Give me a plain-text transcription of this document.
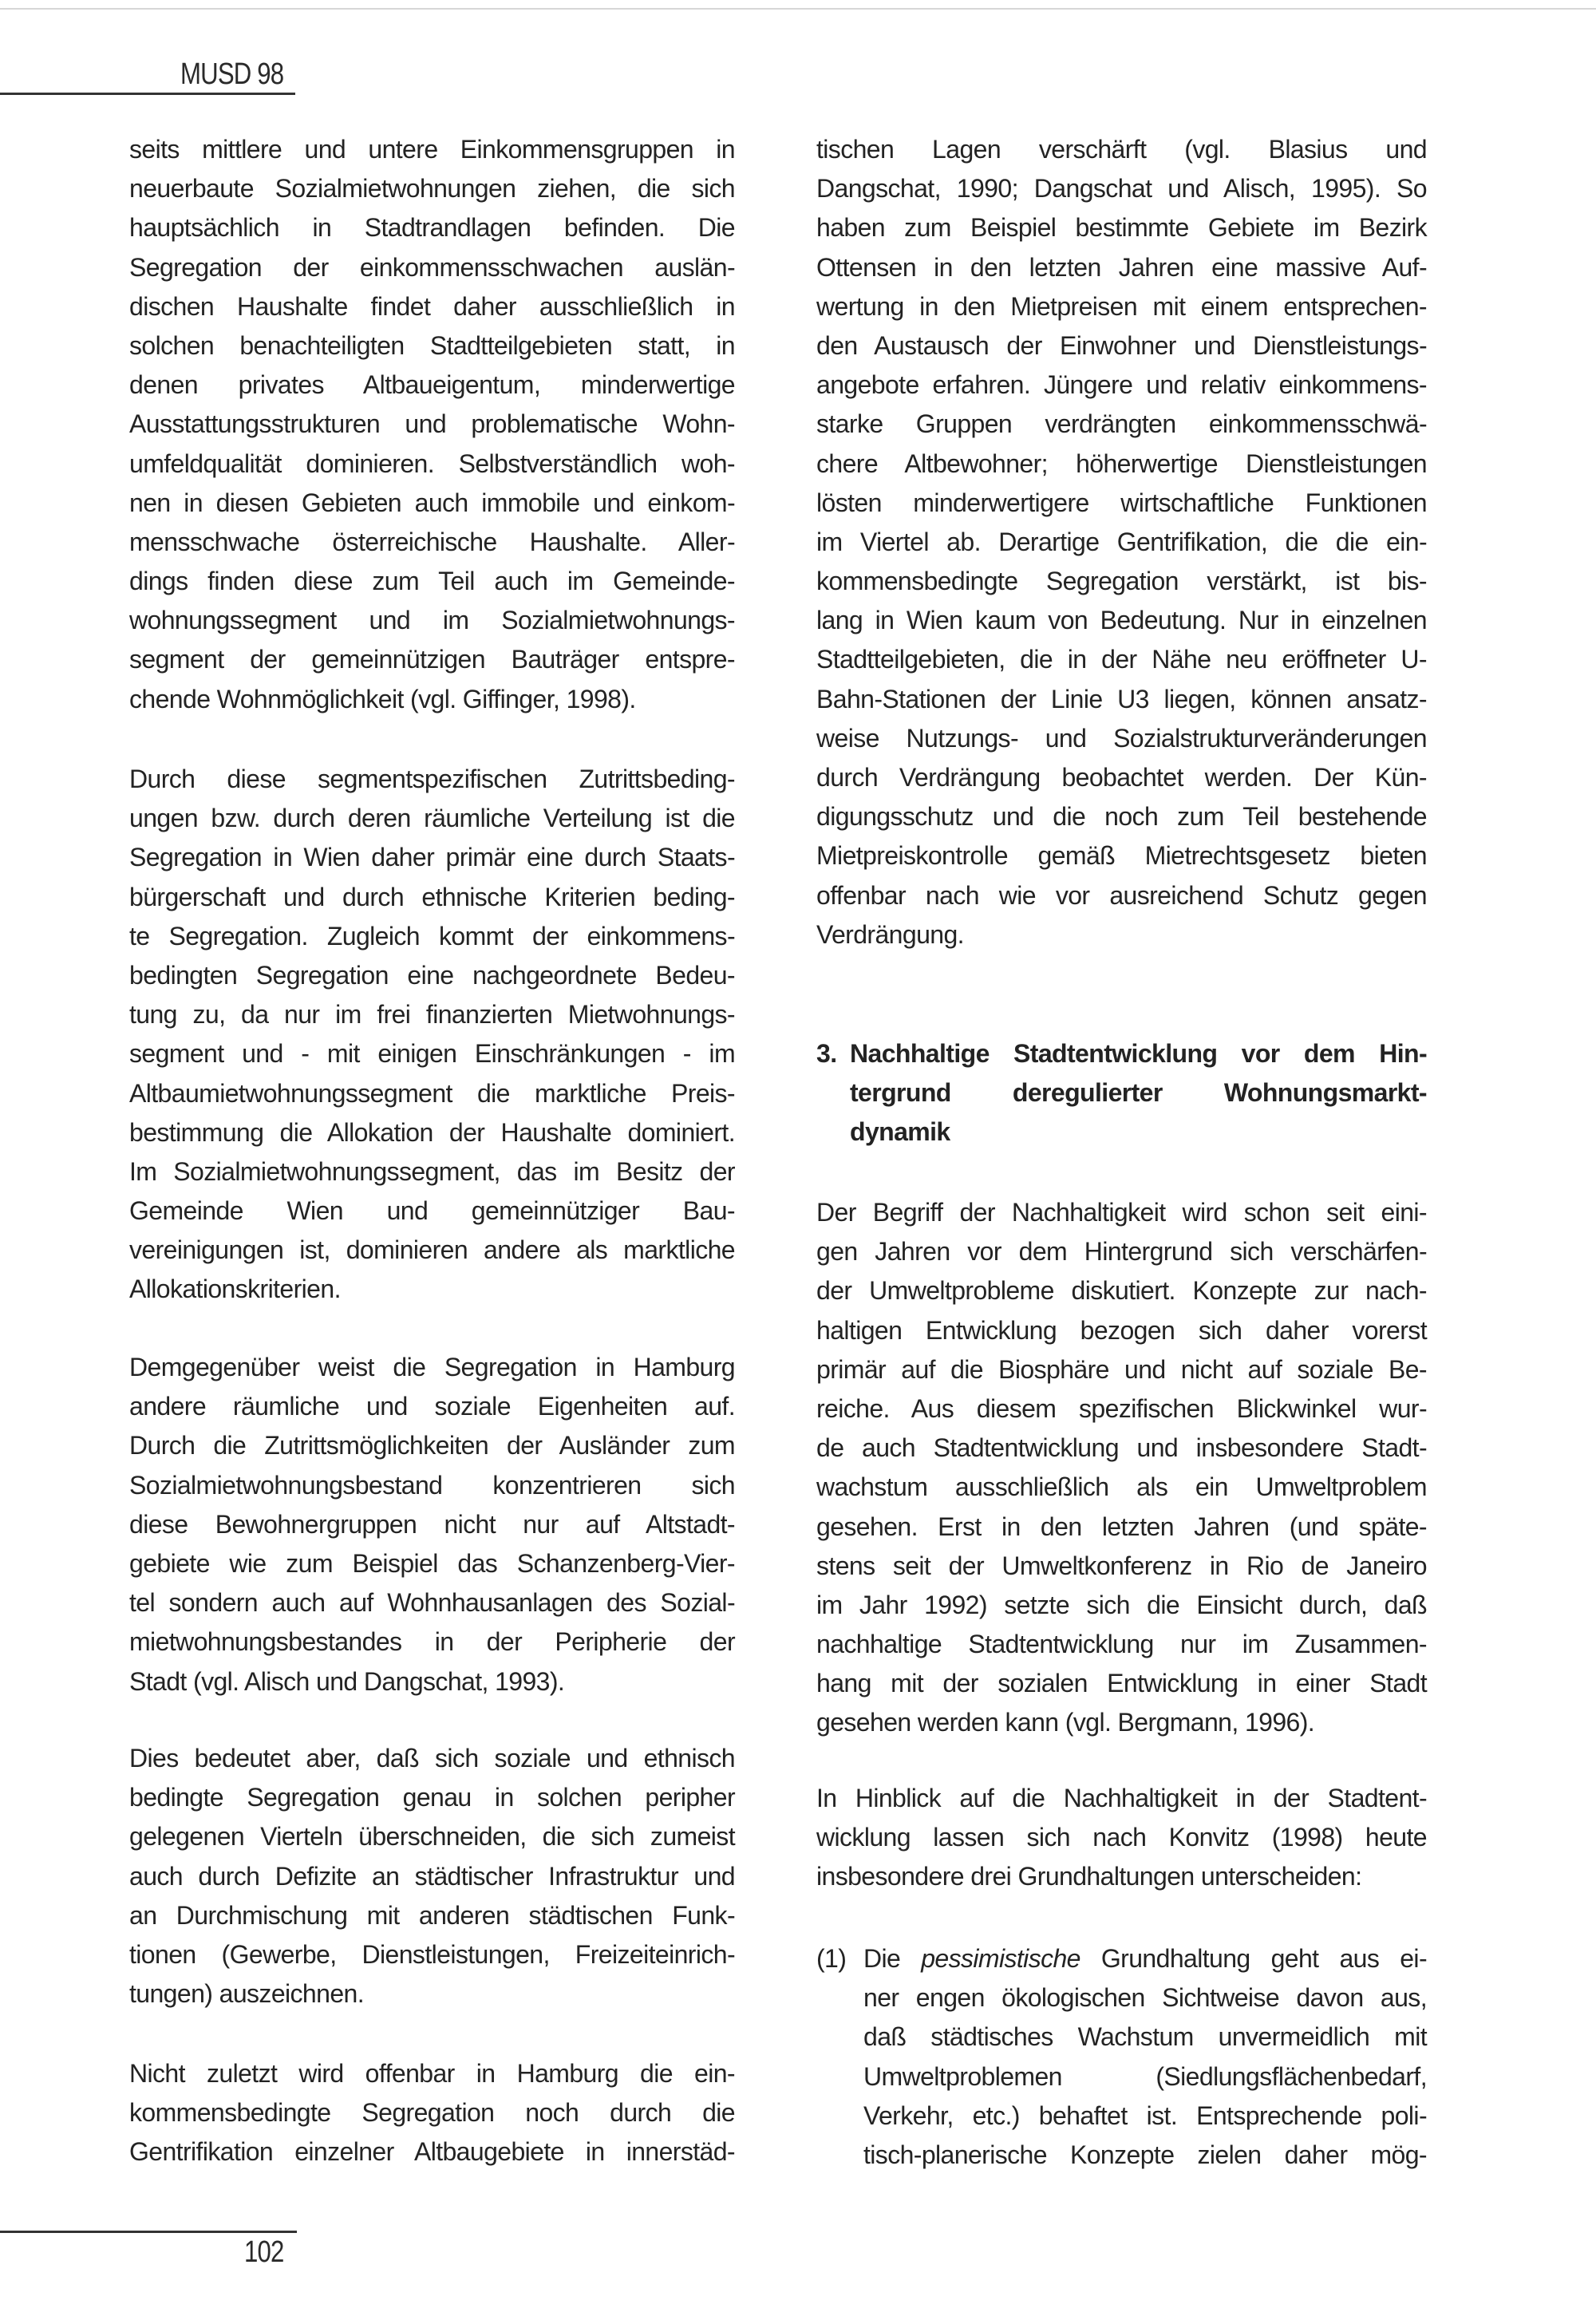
MUSD 98
seits mittlere und untere Einkommensgruppen in
neuerbaute Sozialmietwohnungen ziehen, die sich
hauptsächlich in Stadtrandlagen befinden. Die
Segregation der einkommensschwachen auslän-
dischen Haushalte findet daher ausschließlich in
solchen benachteiligten Stadtteilgebieten statt, in
denen privates Altbaueigentum, minderwertige
Ausstattungsstrukturen und problematische Wohn-
umfeldqualität dominieren. Selbstverständlich woh-
nen in diesen Gebieten auch immobile und einkom-
mensschwache österreichische Haushalte. Aller-
dings finden diese zum Teil auch im Gemeinde-
wohnungssegment und im Sozialmietwohnungs-
segment der gemeinnützigen Bauträger entspre-
chende Wohnmöglichkeit (vgl. Giffinger, 1998).
Durch diese segmentspezifischen Zutrittsbeding-
ungen bzw. durch deren räumliche Verteilung ist die
Segregation in Wien daher primär eine durch Staats-
bürgerschaft und durch ethnische Kriterien beding-
te Segregation. Zugleich kommt der einkommens-
bedingten Segregation eine nachgeordnete Bedeu-
tung zu, da nur im frei finanzierten Mietwohnungs-
segment und - mit einigen Einschränkungen - im
Altbaumietwohnungssegment die marktliche Preis-
bestimmung die Allokation der Haushalte dominiert.
Im Sozialmietwohnungssegment, das im Besitz der
Gemeinde Wien und gemeinnütziger Bau-
vereinigungen ist, dominieren andere als marktliche
Allokationskriterien.
Demgegenüber weist die Segregation in Hamburg
andere räumliche und soziale Eigenheiten auf.
Durch die Zutrittsmöglichkeiten der Ausländer zum
Sozialmietwohnungsbestand konzentrieren sich
diese Bewohnergruppen nicht nur auf Altstadt-
gebiete wie zum Beispiel das Schanzenberg-Vier-
tel sondern auch auf Wohnhausanlagen des Sozial-
mietwohnungsbestandes in der Peripherie der
Stadt (vgl. Alisch und Dangschat, 1993).
Dies bedeutet aber, daß sich soziale und ethnisch
bedingte Segregation genau in solchen peripher
gelegenen Vierteln überschneiden, die sich zumeist
auch durch Defizite an städtischer Infrastruktur und
an Durchmischung mit anderen städtischen Funk-
tionen (Gewerbe, Dienstleistungen, Freizeiteinrich-
tungen) auszeichnen.
Nicht zuletzt wird offenbar in Hamburg die ein-
kommensbedingte Segregation noch durch die
Gentrifikation einzelner Altbaugebiete in innerstäd-
tischen Lagen verschärft (vgl. Blasius und
Dangschat, 1990; Dangschat und Alisch, 1995). So
haben zum Beispiel bestimmte Gebiete im Bezirk
Ottensen in den letzten Jahren eine massive Auf-
wertung in den Mietpreisen mit einem entsprechen-
den Austausch der Einwohner und Dienstleistungs-
angebote erfahren. Jüngere und relativ einkommens-
starke Gruppen verdrängten einkommensschwä-
chere Altbewohner; höherwertige Dienstleistungen
lösten minderwertigere wirtschaftliche Funktionen
im Viertel ab. Derartige Gentrifikation, die die ein-
kommensbedingte Segregation verstärkt, ist bis-
lang in Wien kaum von Bedeutung. Nur in einzelnen
Stadtteilgebieten, die in der Nähe neu eröffneter U-
Bahn-Stationen der Linie U3 liegen, können ansatz-
weise Nutzungs- und Sozialstrukturveränderungen
durch Verdrängung beobachtet werden. Der Kün-
digungsschutz und die noch zum Teil bestehende
Mietpreiskontrolle gemäß Mietrechtsgesetz bieten
offenbar nach wie vor ausreichend Schutz gegen
Verdrängung.
3. Nachhaltige Stadtentwicklung vor dem Hin-
tergrund deregulierter Wohnungsmarkt-
dynamik
Der Begriff der Nachhaltigkeit wird schon seit eini-
gen Jahren vor dem Hintergrund sich verschärfen-
der Umweltprobleme diskutiert. Konzepte zur nach-
haltigen Entwicklung bezogen sich daher vorerst
primär auf die Biosphäre und nicht auf soziale Be-
reiche. Aus diesem spezifischen Blickwinkel wur-
de auch Stadtentwicklung und insbesondere Stadt-
wachstum ausschließlich als ein Umweltproblem
gesehen. Erst in den letzten Jahren (und späte-
stens seit der Umweltkonferenz in Rio de Janeiro
im Jahr 1992) setzte sich die Einsicht durch, daß
nachhaltige Stadtentwicklung nur im Zusammen-
hang mit der sozialen Entwicklung in einer Stadt
gesehen werden kann (vgl. Bergmann, 1996).
In Hinblick auf die Nachhaltigkeit in der Stadtent-
wicklung lassen sich nach Konvitz (1998) heute
insbesondere drei Grundhaltungen unterscheiden:
(1) Die pessimistische Grundhaltung geht aus ei-
ner engen ökologischen Sichtweise davon aus,
daß städtisches Wachstum unvermeidlich mit
Umweltproblemen (Siedlungsflächenbedarf,
Verkehr, etc.) behaftet ist. Entsprechende poli-
tisch-planerische Konzepte zielen daher mög-
102
